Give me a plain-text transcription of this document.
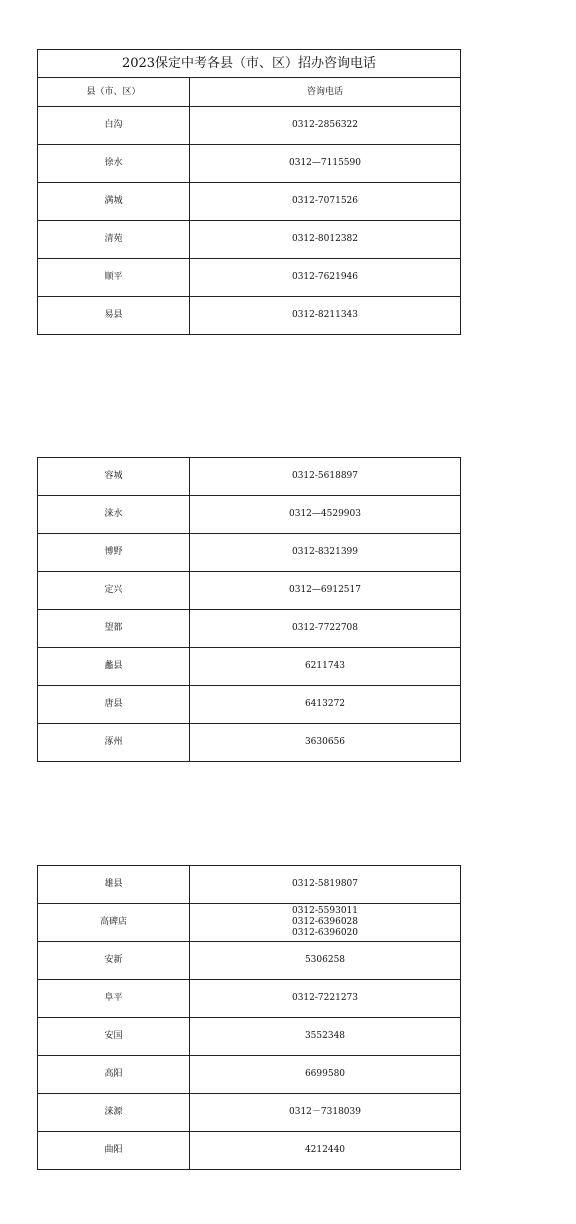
2023保定中考各县（市、区）招办咨询电话	
县（市、区）	咨询电话
白沟	0312-2856322

徐水	0312—7115590

满城	0312-7071526

清苑	0312-8012382

顺平	0312-7621946

易县	0312-8211343
容城	0312-5618897

涞水	0312—4529903

博野	0312-8321399

定兴	0312—6912517

望都	0312-7722708

蠡县	6211743

唐县	6413272

涿州	3630656
雄县	0312-5819807

高碑店	0312-5593011
0312-6396028
0312-6396020

安新	5306258

阜平	0312-7221273

安国	3552348

高阳	6699580

涞源	0312－7318039

曲阳	4212440
